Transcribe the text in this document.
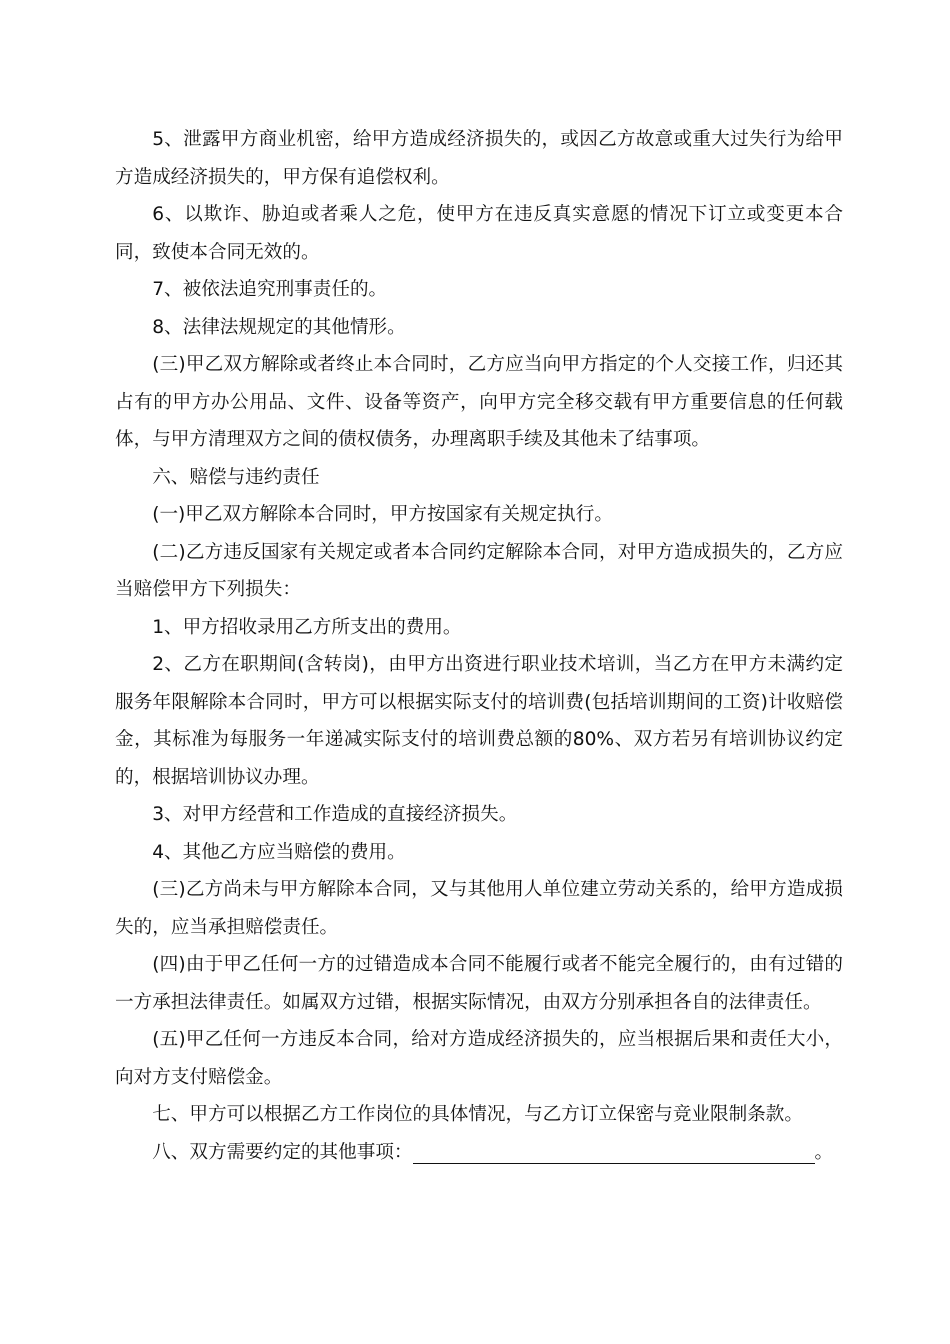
5、泄露甲方商业机密，给甲方造成经济损失的，或因乙方故意或重大过失行为给甲方造成经济损失的，甲方保有追偿权利。

6、以欺诈、胁迫或者乘人之危，使甲方在违反真实意愿的情况下订立或变更本合同，致使本合同无效的。

7、被依法追究刑事责任的。

8、法律法规规定的其他情形。

(三)甲乙双方解除或者终止本合同时，乙方应当向甲方指定的个人交接工作，归还其占有的甲方办公用品、文件、设备等资产，向甲方完全移交载有甲方重要信息的任何载体，与甲方清理双方之间的债权债务，办理离职手续及其他未了结事项。

六、赔偿与违约责任

(一)甲乙双方解除本合同时，甲方按国家有关规定执行。

(二)乙方违反国家有关规定或者本合同约定解除本合同，对甲方造成损失的，乙方应当赔偿甲方下列损失：

1、甲方招收录用乙方所支出的费用。

2、乙方在职期间(含转岗)，由甲方出资进行职业技术培训，当乙方在甲方未满约定服务年限解除本合同时，甲方可以根据实际支付的培训费(包括培训期间的工资)计收赔偿金，其标准为每服务一年递减实际支付的培训费总额的80%、双方若另有培训协议约定的，根据培训协议办理。

3、对甲方经营和工作造成的直接经济损失。

4、其他乙方应当赔偿的费用。

(三)乙方尚未与甲方解除本合同，又与其他用人单位建立劳动关系的，给甲方造成损失的，应当承担赔偿责任。

(四)由于甲乙任何一方的过错造成本合同不能履行或者不能完全履行的，由有过错的一方承担法律责任。如属双方过错，根据实际情况，由双方分别承担各自的法律责任。

(五)甲乙任何一方违反本合同，给对方造成经济损失的，应当根据后果和责任大小，向对方支付赔偿金。

七、甲方可以根据乙方工作岗位的具体情况，与乙方订立保密与竞业限制条款。

八、双方需要约定的其他事项：	。
